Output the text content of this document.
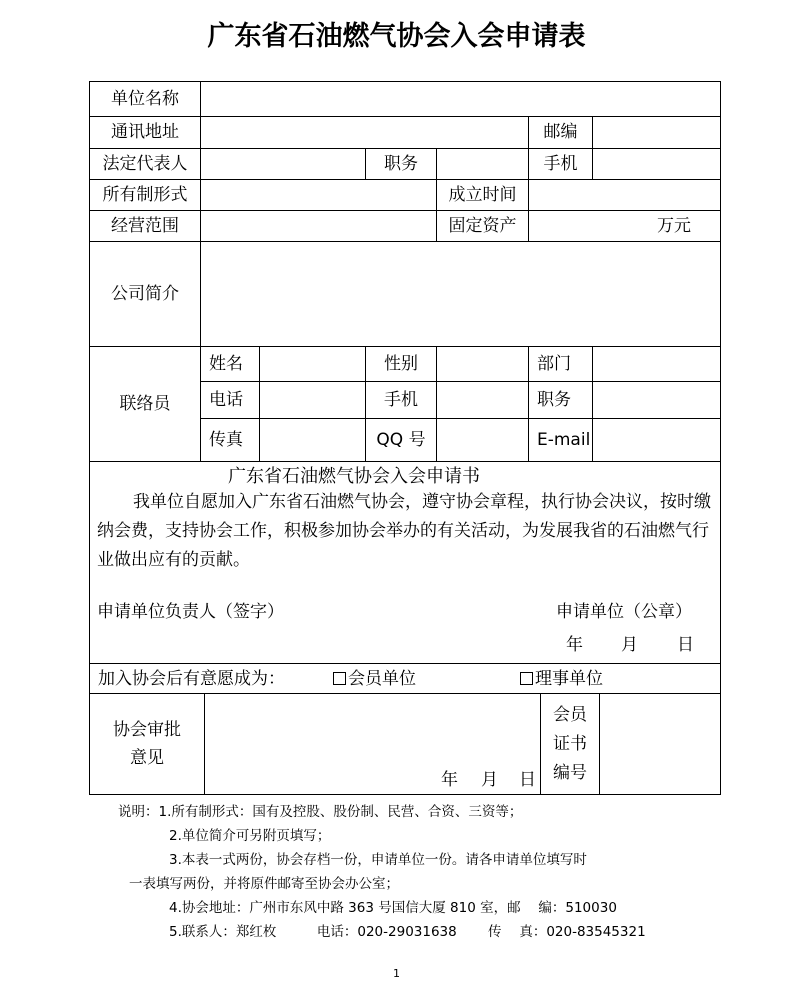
广东省石油燃气协会入会申请表
单位名称
通讯地址	邮编
法定代表人	职务	手机
所有制形式	成立时间
经营范围	固定资产	万元
公司简介
联络员
姓名	性别	部门
电话	手机	职务
传真	QQ 号	E-mail
广东省石油燃气协会入会申请书
我单位自愿加入广东省石油燃气协会，遵守协会章程，执行协会决议，按时缴纳会费，支持协会工作，积极参加协会举办的有关活动，为发展我省的石油燃气行业做出应有的贡献。
申请单位负责人（签字）	申请单位（公章）
年 月 日
加入协会后有意愿成为：	会员单位	理事单位
协会审批
意见
年 月 日
会员
证书
编号
说明：1.所有制形式：国有及控股、股份制、民营、合资、三资等；
2.单位简介可另附页填写；
3.本表一式两份，协会存档一份，申请单位一份。请各申请单位填写时
一表填写两份，并将原件邮寄至协会办公室；
4.协会地址：广州市东风中路 363 号国信大厦 810 室，邮　 编：510030
5.联系人：郑红枚　　　电话：020-29031638　　 传　 真：020-83545321
1
